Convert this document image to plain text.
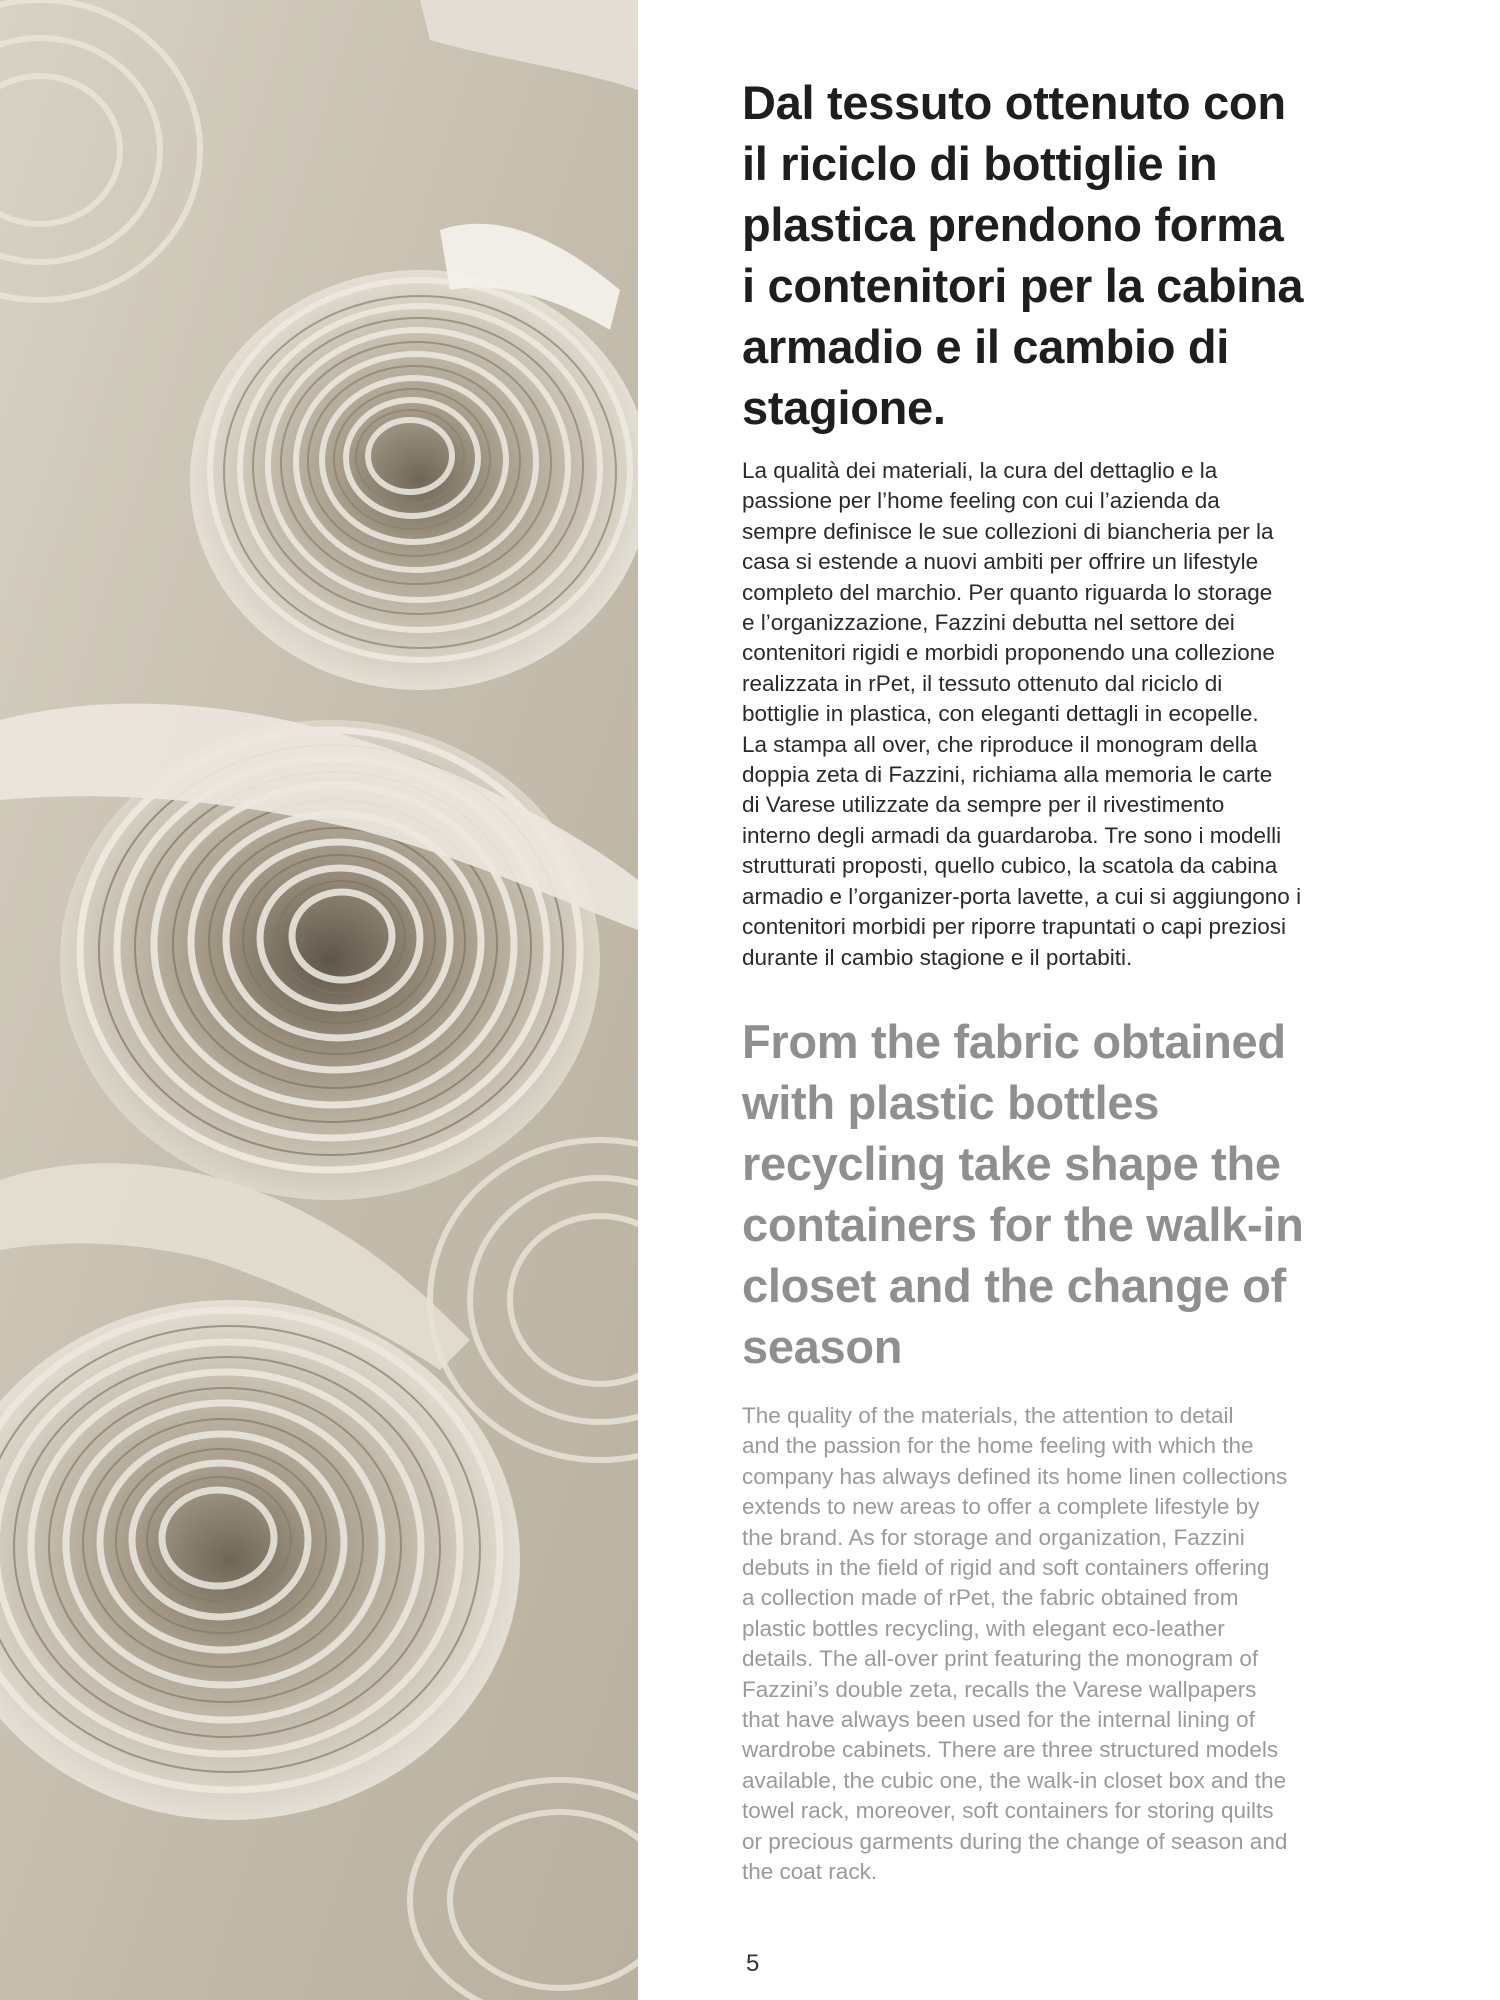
Dal tessuto ottenuto con
il riciclo di bottiglie in
plastica prendono forma
i contenitori per la cabina
armadio e il cambio di
stagione.

La qualità dei materiali, la cura del dettaglio e la
passione per l’home feeling con cui l’azienda da
sempre definisce le sue collezioni di biancheria per la
casa si estende a nuovi ambiti per offrire un lifestyle
completo del marchio. Per quanto riguarda lo storage
e l’organizzazione, Fazzini debutta nel settore dei
contenitori rigidi e morbidi proponendo una collezione
realizzata in rPet, il tessuto ottenuto dal riciclo di
bottiglie in plastica, con eleganti dettagli in ecopelle.
La stampa all over, che riproduce il monogram della
doppia zeta di Fazzini, richiama alla memoria le carte
di Varese utilizzate da sempre per il rivestimento
interno degli armadi da guardaroba. Tre sono i modelli
strutturati proposti, quello cubico, la scatola da cabina
armadio e l’organizer-porta lavette, a cui si aggiungono i
contenitori morbidi per riporre trapuntati o capi preziosi
durante il cambio stagione e il portabiti.

From the fabric obtained
with plastic bottles
recycling take shape the
containers for the walk-in
closet and the change of
season

The quality of the materials, the attention to detail
and the passion for the home feeling with which the
company has always defined its home linen collections
extends to new areas to offer a complete lifestyle by
the brand. As for storage and organization, Fazzini
debuts in the field of rigid and soft containers offering
a collection made of rPet, the fabric obtained from
plastic bottles recycling, with elegant eco-leather
details. The all-over print featuring the monogram of
Fazzini’s double zeta, recalls the Varese wallpapers
that have always been used for the internal lining of
wardrobe cabinets. There are three structured models
available, the cubic one, the walk-in closet box and the
towel rack, moreover, soft containers for storing quilts
or precious garments during the change of season and
the coat rack.

5
